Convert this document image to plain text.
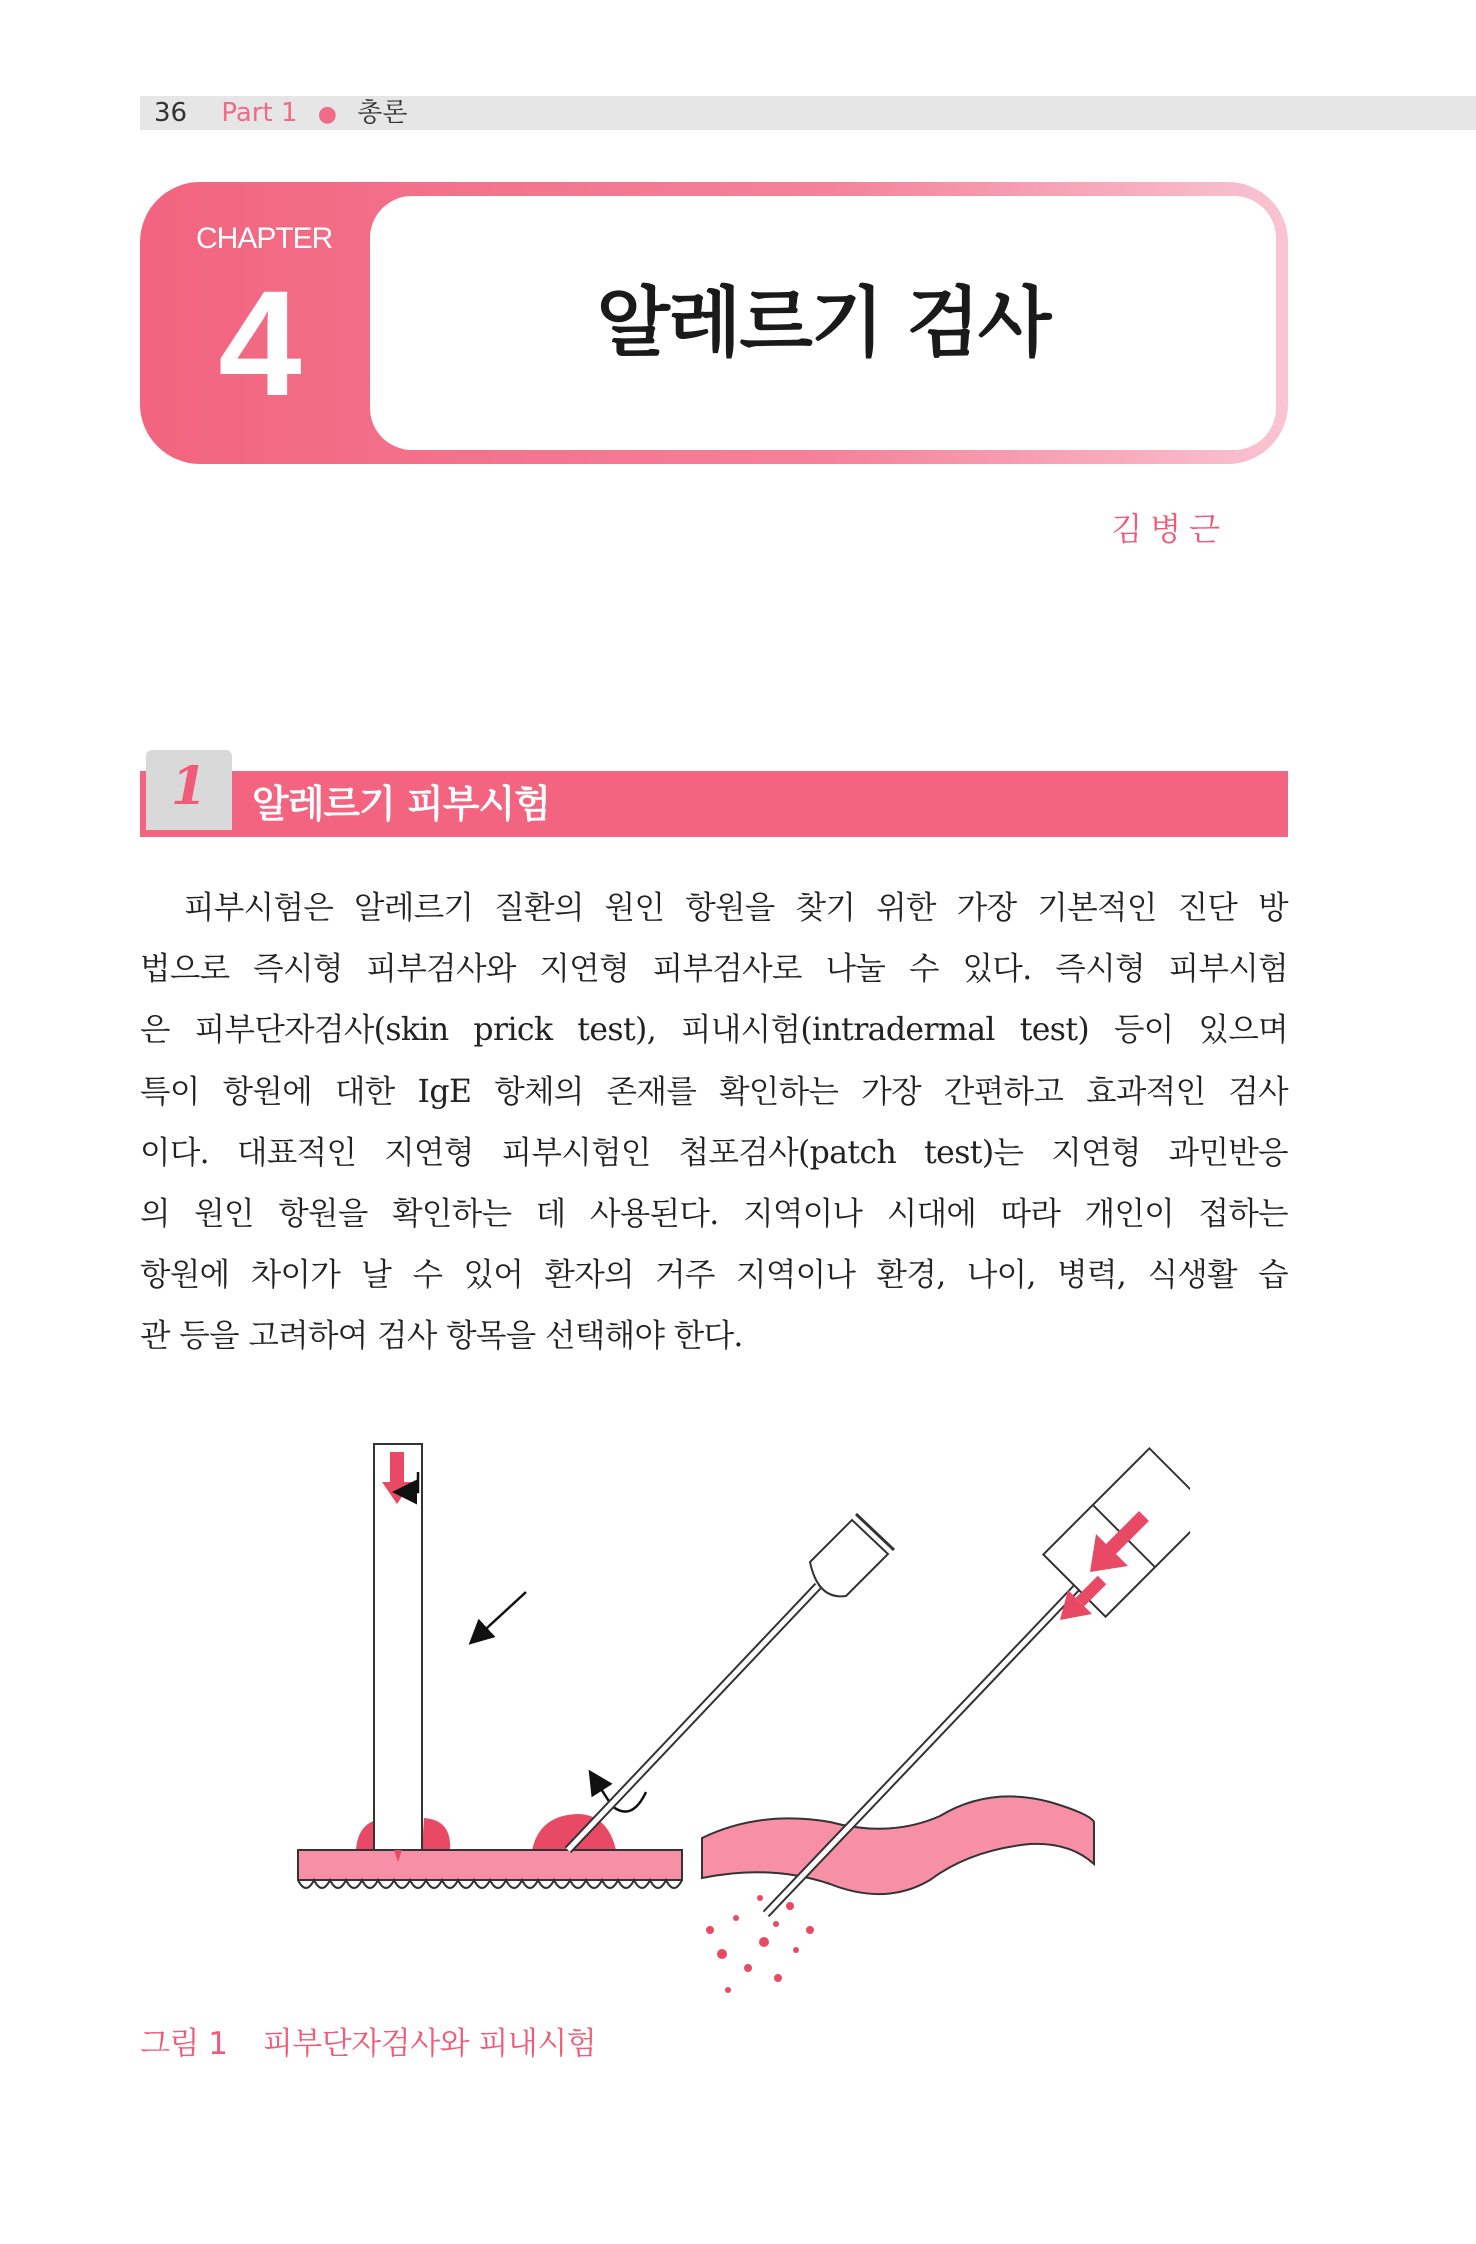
36 Part 1 ● 총론
CHAPTER
4	알레르기 검사
김병근
1	알레르기 피부시험
피부시험은 알레르기 질환의 원인 항원을 찾기 위한 가장 기본적인 진단 방
법으로 즉시형 피부검사와 지연형 피부검사로 나눌 수 있다. 즉시형 피부시험
은 피부단자검사(skin prick test), 피내시험(intradermal test) 등이 있으며
특이 항원에 대한 IgE 항체의 존재를 확인하는 가장 간편하고 효과적인 검사
이다. 대표적인 지연형 피부시험인 첩포검사(patch test)는 지연형 과민반응
의 원인 항원을 확인하는 데 사용된다. 지역이나 시대에 따라 개인이 접하는
항원에 차이가 날 수 있어 환자의 거주 지역이나 환경, 나이, 병력, 식생활 습
관 등을 고려하여 검사 항목을 선택해야 한다.
그림 1 피부단자검사와 피내시험
